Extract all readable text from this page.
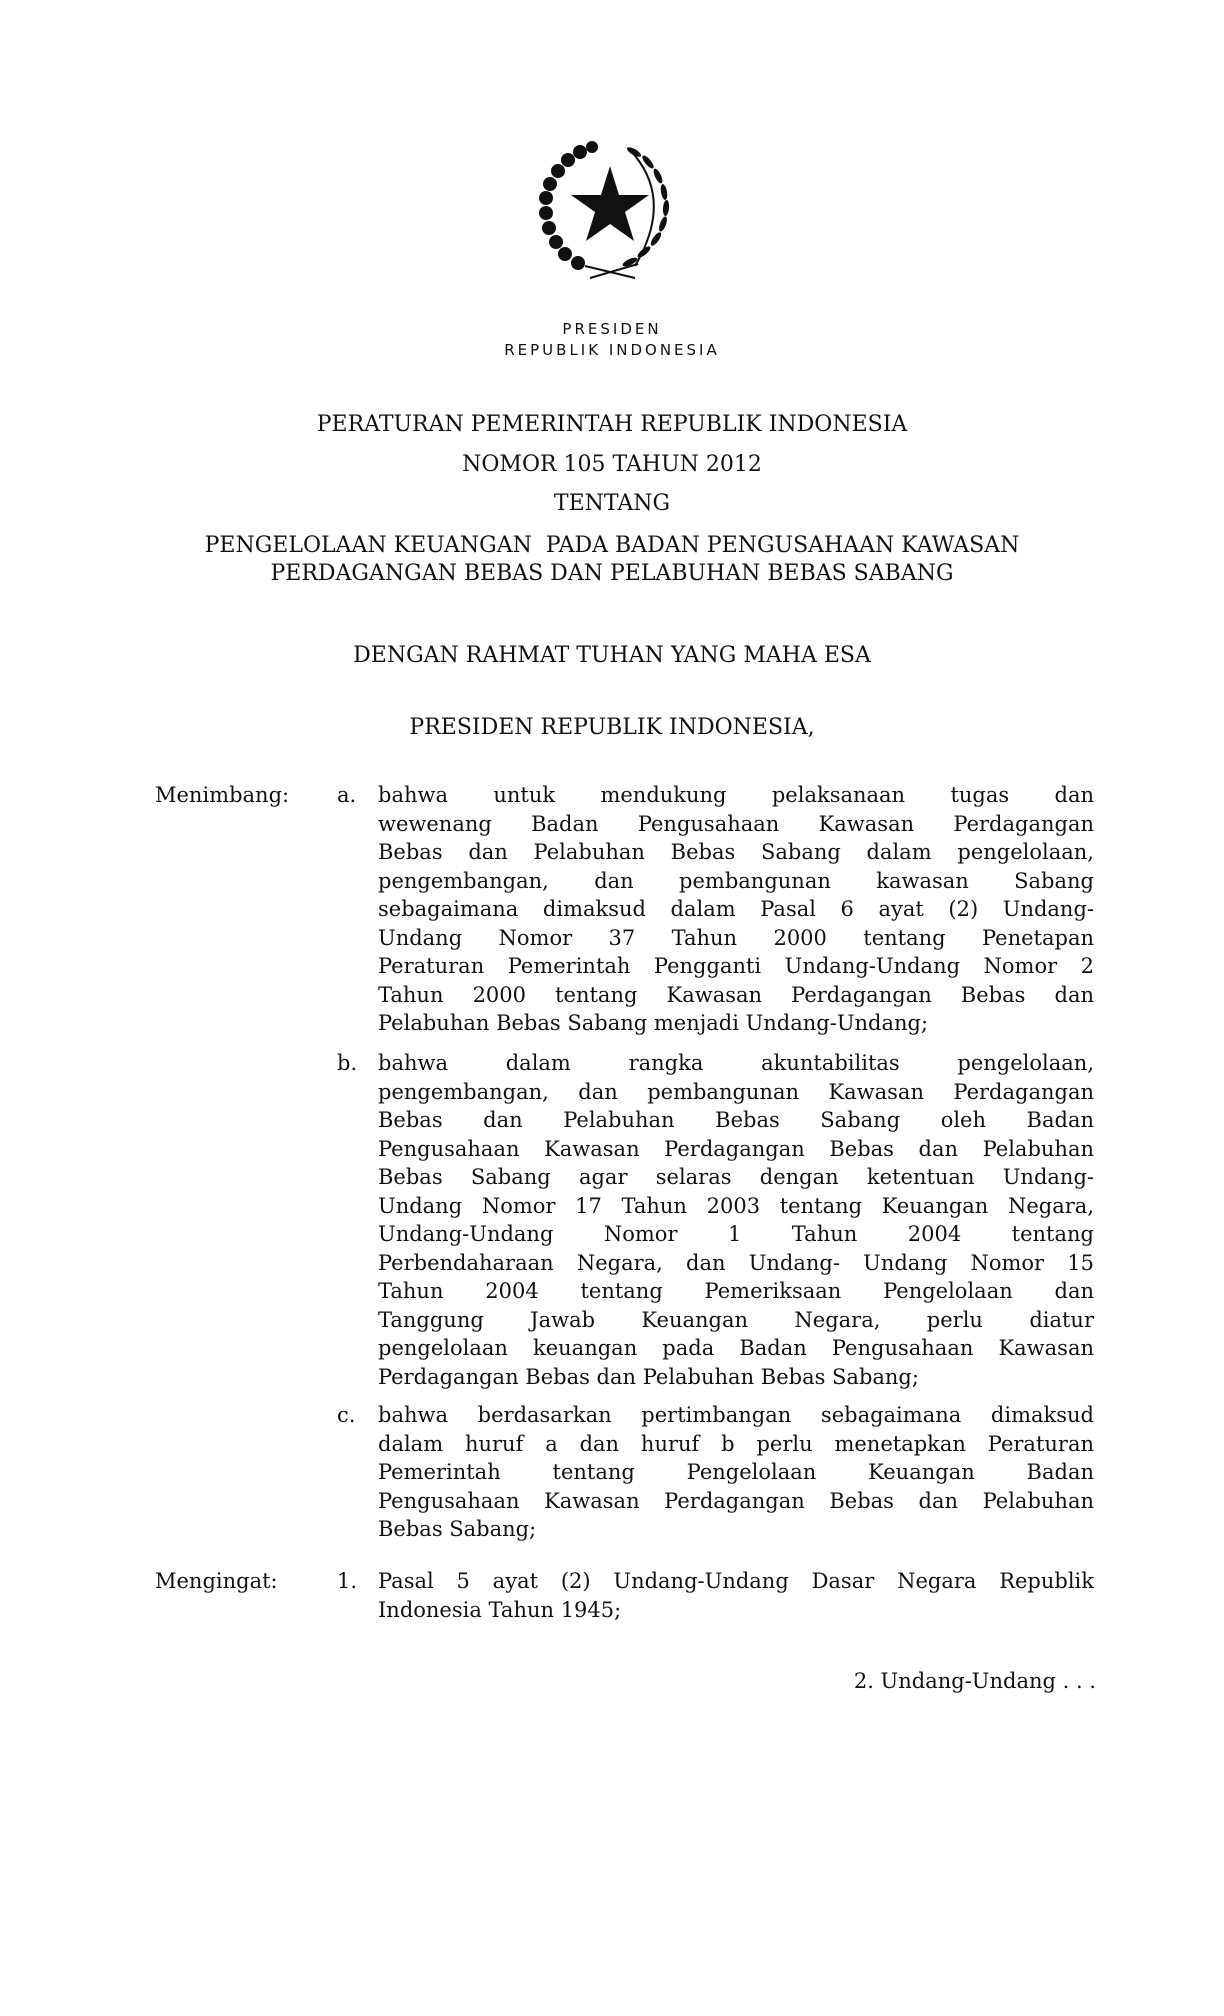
PRESIDEN
REPUBLIK INDONESIA
PERATURAN PEMERINTAH REPUBLIK INDONESIA
NOMOR 105 TAHUN 2012
TENTANG
PENGELOLAAN KEUANGAN  PADA BADAN PENGUSAHAAN KAWASAN
PERDAGANGAN BEBAS DAN PELABUHAN BEBAS SABANG
DENGAN RAHMAT TUHAN YANG MAHA ESA
PRESIDEN REPUBLIK INDONESIA,
Menimbang: a. bahwa untuk mendukung pelaksanaan tugas dan
wewenang Badan Pengusahaan Kawasan Perdagangan
Bebas dan Pelabuhan Bebas Sabang dalam pengelolaan,
pengembangan, dan pembangunan kawasan Sabang
sebagaimana dimaksud dalam Pasal 6 ayat (2) Undang-
Undang Nomor 37 Tahun 2000 tentang Penetapan
Peraturan Pemerintah Pengganti Undang-Undang Nomor 2
Tahun 2000 tentang Kawasan Perdagangan Bebas dan
Pelabuhan Bebas Sabang menjadi Undang-Undang;
b. bahwa dalam rangka akuntabilitas pengelolaan,
pengembangan, dan pembangunan Kawasan Perdagangan
Bebas dan Pelabuhan Bebas Sabang oleh Badan
Pengusahaan Kawasan Perdagangan Bebas dan Pelabuhan
Bebas Sabang agar selaras dengan ketentuan Undang-
Undang Nomor 17 Tahun 2003 tentang Keuangan Negara,
Undang-Undang Nomor 1 Tahun 2004 tentang
Perbendaharaan Negara, dan Undang- Undang Nomor 15
Tahun 2004 tentang Pemeriksaan Pengelolaan dan
Tanggung Jawab Keuangan Negara, perlu diatur
pengelolaan keuangan pada Badan Pengusahaan Kawasan
Perdagangan Bebas dan Pelabuhan Bebas Sabang;
c. bahwa berdasarkan pertimbangan sebagaimana dimaksud
dalam huruf a dan huruf b perlu menetapkan Peraturan
Pemerintah tentang Pengelolaan Keuangan Badan
Pengusahaan Kawasan Perdagangan Bebas dan Pelabuhan
Bebas Sabang;
Mengingat:	1. Pasal 5 ayat (2) Undang-Undang Dasar Negara Republik
Indonesia Tahun 1945;
2. Undang-Undang . . .
